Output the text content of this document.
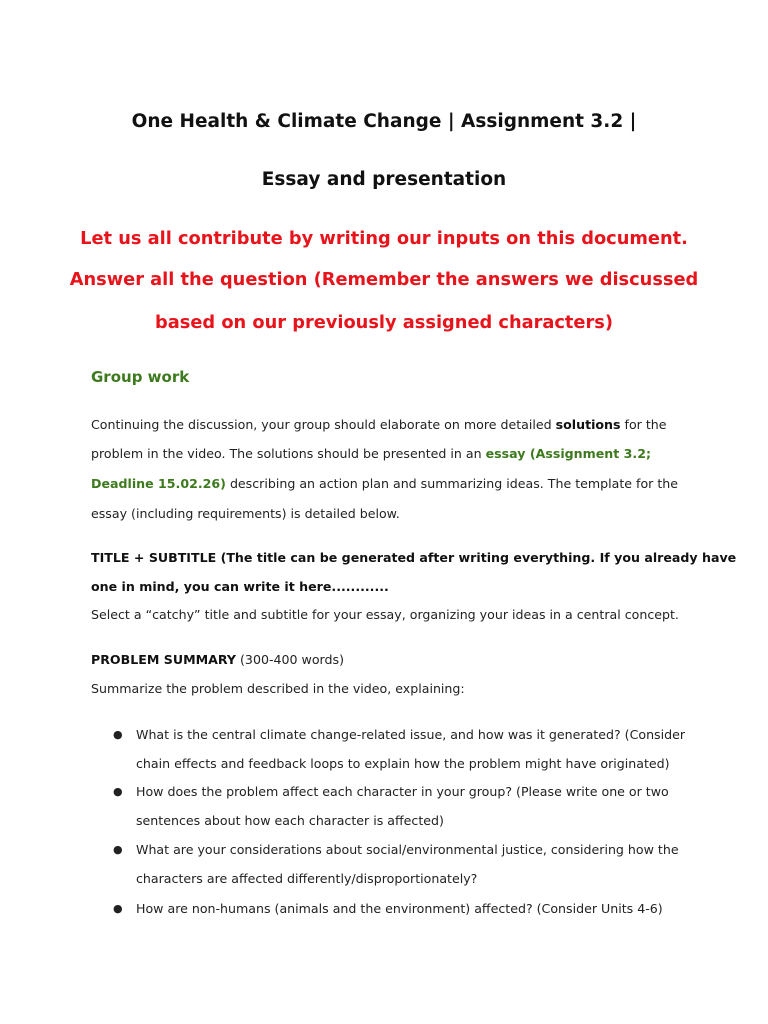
One Health & Climate Change | Assignment 3.2 |
Essay and presentation
Let us all contribute by writing our inputs on this document.
Answer all the question (Remember the answers we discussed
based on our previously assigned characters)
Group work
Continuing the discussion, your group should elaborate on more detailed solutions for the
problem in the video. The solutions should be presented in an essay (Assignment 3.2;
Deadline 15.02.26) describing an action plan and summarizing ideas. The template for the
essay (including requirements) is detailed below.
TITLE + SUBTITLE (The title can be generated after writing everything. If you already have
one in mind, you can write it here............
Select a “catchy” title and subtitle for your essay, organizing your ideas in a central concept.
PROBLEM SUMMARY (300-400 words)
Summarize the problem described in the video, explaining:
● What is the central climate change-related issue, and how was it generated? (Consider
chain effects and feedback loops to explain how the problem might have originated)
● How does the problem affect each character in your group? (Please write one or two
sentences about how each character is affected)
● What are your considerations about social/environmental justice, considering how the
characters are affected differently/disproportionately?
● How are non-humans (animals and the environment) affected? (Consider Units 4-6)
